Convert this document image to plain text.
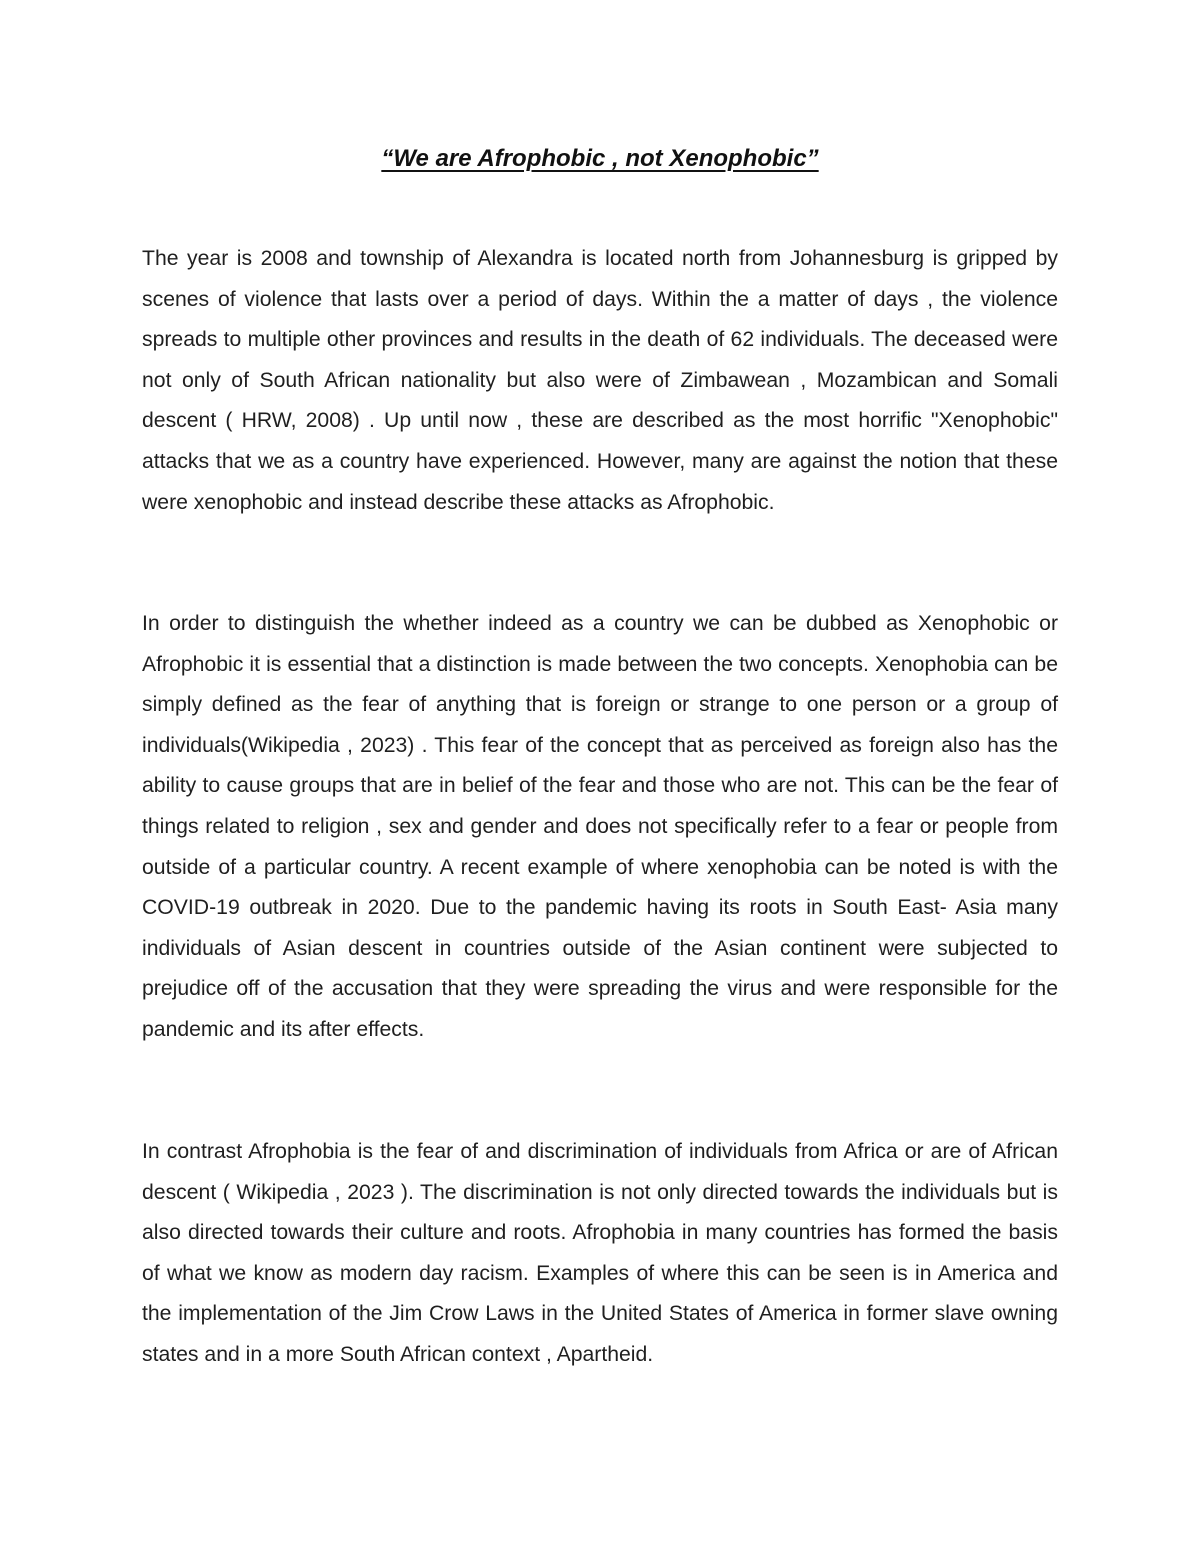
“We are Afrophobic , not Xenophobic”

The year is 2008 and township of Alexandra is located north from Johannesburg is gripped by scenes of violence that lasts over a period of days. Within the a matter of days , the violence spreads to multiple other provinces and results in the death of 62 individuals. The deceased were not only of South African nationality but also were of Zimbawean , Mozambican and Somali descent ( HRW, 2008) . Up until now , these are described as the most horrific "Xenophobic" attacks that we as a country have experienced. However, many are against the notion that these were xenophobic and instead describe these attacks as Afrophobic.

In order to distinguish the whether indeed as a country we can be dubbed as Xenophobic or Afrophobic it is essential that a distinction is made between the two concepts. Xenophobia can be simply defined as the fear of anything that is foreign or strange to one person or a group of individuals(Wikipedia , 2023) . This fear of the concept that as perceived as foreign also has the ability to cause groups that are in belief of the fear and those who are not. This can be the fear of things related to religion , sex and gender and does not specifically refer to a fear or people from outside of a particular country. A recent example of where xenophobia can be noted is with the COVID-19 outbreak in 2020. Due to the pandemic having its roots in South East- Asia many individuals of Asian descent in countries outside of the Asian continent were subjected to prejudice off of the accusation that they were spreading the virus and were responsible for the pandemic and its after effects.

In contrast Afrophobia is the fear of and discrimination of individuals from Africa or are of African descent ( Wikipedia , 2023 ). The discrimination is not only directed towards the individuals but is also directed towards their culture and roots. Afrophobia in many countries has formed the basis of what we know as modern day racism. Examples of where this can be seen is in America and the implementation of the Jim Crow Laws in the United States of America in former slave owning states and in a more South African context , Apartheid.
